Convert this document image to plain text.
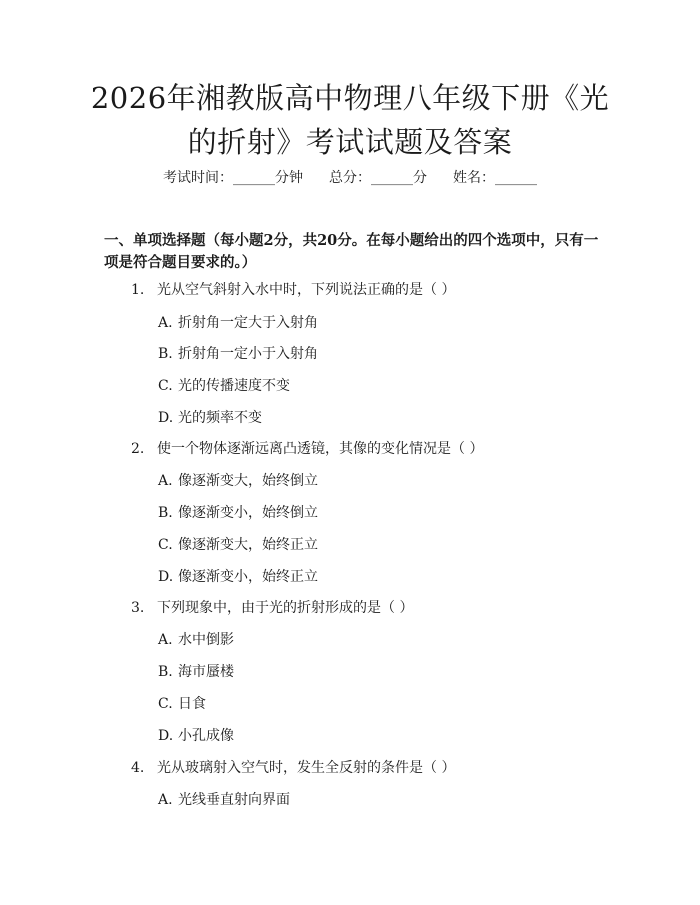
2026年湘教版高中物理八年级下册《光的折射》考试试题及答案
考试时间：______分钟 总分：______分 姓名：______

一、单项选择题（每小题2分，共20分。在每小题给出的四个选项中，只有一项是符合题目要求的。）

1. 光从空气斜射入水中时，下列说法正确的是（ ）
A. 折射角一定大于入射角
B. 折射角一定小于入射角
C. 光的传播速度不变
D. 光的频率不变
2. 使一个物体逐渐远离凸透镜，其像的变化情况是（ ）
A. 像逐渐变大，始终倒立
B. 像逐渐变小，始终倒立
C. 像逐渐变大，始终正立
D. 像逐渐变小，始终正立
3. 下列现象中，由于光的折射形成的是（ ）
A. 水中倒影
B. 海市蜃楼
C. 日食
D. 小孔成像
4. 光从玻璃射入空气时，发生全反射的条件是（ ）
A. 光线垂直射向界面
